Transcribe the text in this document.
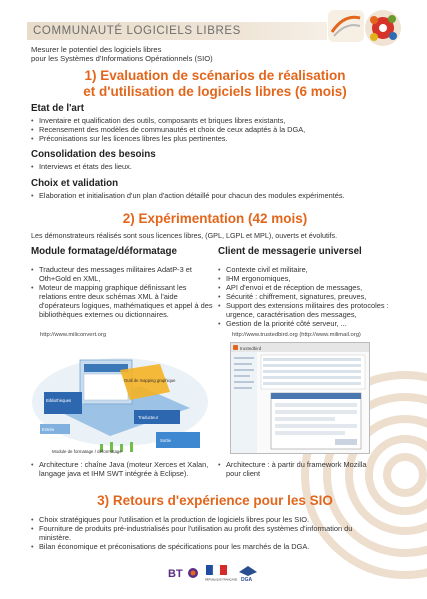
COMMUNAUTÉ LOGICIELS LIBRES
Mesurer le potentiel des logiciels libres
pour les Systèmes d'Informations Opérationnels (SIO)
1) Evaluation de scénarios de réalisation
et d'utilisation de logiciels libres (6 mois)
Etat de l'art
• Inventaire et qualification des outils, composants et briques libres existants,
• Recensement des modèles de communautés et choix de ceux adaptés à la DGA,
• Préconisations sur les licences libres les plus pertinentes.
Consolidation des besoins
• Interviews et états des lieux.
Choix et validation
• Elaboration et initialisation d'un plan d'action détaillé pour chacun des modules expérimentés.
2) Expérimentation (42 mois)
Les démonstrateurs réalisés sont sous licences libres, (GPL, LGPL et MPL), ouverts et évolutifs.
Module formatage/déformatage
• Traducteur des messages militaires AdatP-3 et Oth+Gold en XML,
• Moteur de mapping graphique définissant les relations entre deux schémas XML à l'aide d'opérateurs logiques, mathématiques et appel à des bibliothèques externes ou dictionnaires.
Client de messagerie universel
• Contexte civil et militaire,
• IHM ergonomiques,
• API d'envoi et de réception de messages,
• Sécurité : chiffrement, signatures, preuves,
• Support des extensions militaires des protocoles : urgence, caractérisation des messages,
• Gestion de la priorité côté serveur, ...
http://www.miliconvert.org	http://www.trustedbird.org (http://www.milimail.org)
Bibliothèques
Outil de mapping graphique
Traducteur
Entrée
Sortie
Module de formatage / déformatage
trustedbird
• Architecture : chaîne Java (moteur Xerces et Xalan, langage java et IHM SWT intégrée à Eclipse).
• Architecture : à partir du framework Mozilla pour client
3) Retours d'expérience pour les SIO
• Choix stratégiques pour l'utilisation et la production de logiciels libres pour les SIO.
• Fourniture de produits pré-industrialisés pour l'utilisation au profit des systèmes d'information du ministère.
• Bilan économique et préconisations de spécifications pour les marchés de la DGA.
BT	RÉPUBLIQUE FRANÇAISE DGA
